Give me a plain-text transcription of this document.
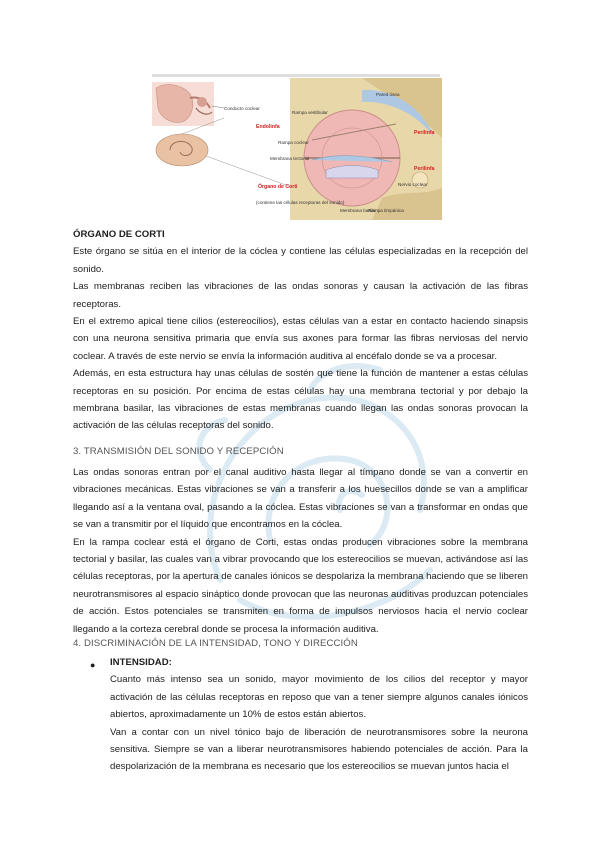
Conducto coclear
Pared ósea
Rampa vestibular
Endolinfa
Perilinfa
Rampa coclear
Membrana tectorial
Perilinfa
Nervio coclear
Órgano de Corti
(contiene las células receptoras del sonido)
Membrana basilar
Rampa timpánica

ÓRGANO DE CORTI

Este órgano se sitúa en el interior de la cóclea y contiene las células especializadas en la recepción del sonido.

Las membranas reciben las vibraciones de las ondas sonoras y causan la activación de las fibras receptoras.

En el extremo apical tiene cilios (estereocilios), estas células van a estar en contacto haciendo sinapsis con una neurona sensitiva primaria que envía sus axones para formar las fibras nerviosas del nervio coclear. A través de este nervio se envía la información auditiva al encéfalo donde se va a procesar.

Además, en esta estructura hay unas células de sostén que tiene la función de mantener a estas células receptoras en su posición. Por encima de estas células hay una membrana tectorial y por debajo la membrana basilar, las vibraciones de estas membranas cuando llegan las ondas sonoras provocan la activación de las células receptoras del sonido.

3. TRANSMISIÓN DEL SONIDO Y RECEPCIÓN

Las ondas sonoras entran por el canal auditivo hasta llegar al tímpano donde se van a convertir en vibraciones mecánicas. Estas vibraciones se van a transferir a los huesecillos donde se van a amplificar llegando así a la ventana oval, pasando a la cóclea. Estas vibraciones se van a transformar en ondas que se van a transmitir por el líquido que encontramos en la cóclea.

En la rampa coclear está el órgano de Corti, estas ondas producen vibraciones sobre la membrana tectorial y basilar, las cuales van a vibrar provocando que los estereocilios se muevan, activándose así las células receptoras, por la apertura de canales iónicos se despolariza la membrana haciendo que se liberen neurotransmisores al espacio sináptico donde provocan que las neuronas auditivas produzcan potenciales de acción. Estos potenciales se transmiten en forma de impulsos nerviosos hacia el nervio coclear llegando a la corteza cerebral donde se procesa la información auditiva.

4. DISCRIMINACIÓN DE LA INTENSIDAD, TONO Y DIRECCIÓN
● INTENSIDAD:

Cuanto más intenso sea un sonido, mayor movimiento de los cilios del receptor y mayor activación de las células receptoras en reposo que van a tener siempre algunos canales iónicos abiertos, aproximadamente un 10% de estos están abiertos.

Van a contar con un nivel tónico bajo de liberación de neurotransmisores sobre la neurona sensitiva. Siempre se van a liberar neurotransmisores habiendo potenciales de acción. Para la despolarización de la membrana es necesario que los estereocilios se muevan juntos hacia el
